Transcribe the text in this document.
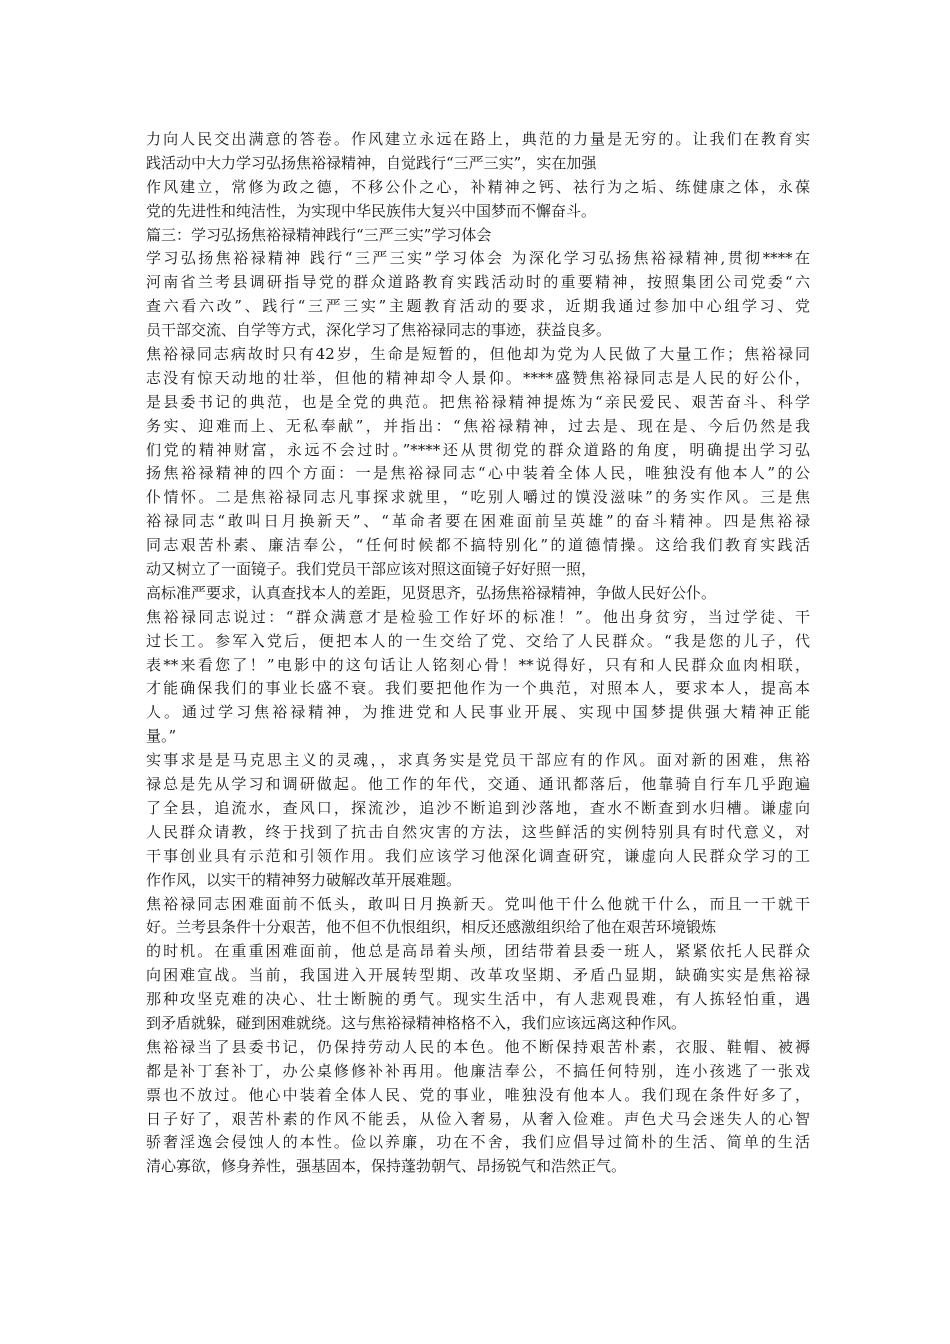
力向人民交出满意的答卷。作风建立永远在路上，典范的力量是无穷的。让我们在教育实
践活动中大力学习弘扬焦裕禄精神，自觉践行“三严三实”，实在加强
作风建立，常修为政之德，不移公仆之心，补精神之钙、祛行为之垢、练健康之体，永葆
党的先进性和纯洁性，为实现中华民族伟大复兴中国梦而不懈奋斗。
篇三：学习弘扬焦裕禄精神践行“三严三实”学习体会
学习弘扬焦裕禄精神 践行“三严三实”学习体会 为深化学习弘扬焦裕禄精神,贯彻****在
河南省兰考县调研指导党的群众道路教育实践活动时的重要精神，按照集团公司党委“六
查六看六改”、践行“三严三实”主题教育活动的要求，近期我通过参加中心组学习、党
员干部交流、自学等方式，深化学习了焦裕禄同志的事迹，获益良多。
焦裕禄同志病故时只有42岁，生命是短暂的，但他却为党为人民做了大量工作；焦裕禄同
志没有惊天动地的壮举，但他的精神却令人景仰。****盛赞焦裕禄同志是人民的好公仆，
是县委书记的典范，也是全党的典范。把焦裕禄精神提炼为“亲民爱民、艰苦奋斗、科学
务实、迎难而上、无私奉献”，并指出：“焦裕禄精神，过去是、现在是、今后仍然是我
们党的精神财富，永远不会过时。”****还从贯彻党的群众道路的角度，明确提出学习弘
扬焦裕禄精神的四个方面：一是焦裕禄同志“心中装着全体人民，唯独没有他本人”的公
仆情怀。二是焦裕禄同志凡事探求就里，“吃别人嚼过的馍没滋味”的务实作风。三是焦
裕禄同志“敢叫日月换新天”、“革命者要在困难面前呈英雄”的奋斗精神。四是焦裕禄
同志艰苦朴素、廉洁奉公，“任何时候都不搞特别化”的道德情操。这给我们教育实践活
动又树立了一面镜子。我们党员干部应该对照这面镜子好好照一照，
高标准严要求，认真查找本人的差距，见贤思齐，弘扬焦裕禄精神，争做人民好公仆。
焦裕禄同志说过：“群众满意才是检验工作好坏的标准！”。他出身贫穷，当过学徒、干
过长工。参军入党后，便把本人的一生交给了党、交给了人民群众。“我是您的儿子，代
表**来看您了！”电影中的这句话让人铭刻心骨！**说得好，只有和人民群众血肉相联，
才能确保我们的事业长盛不衰。我们要把他作为一个典范，对照本人，要求本人，提高本
人。通过学习焦裕禄精神，为推进党和人民事业开展、实现中国梦提供强大精神正能
量。”
实事求是是马克思主义的灵魂，，求真务实是党员干部应有的作风。面对新的困难，焦裕
禄总是先从学习和调研做起。他工作的年代，交通、通讯都落后，他靠骑自行车几乎跑遍
了全县，追流水，查风口，探流沙，追沙不断追到沙落地，查水不断查到水归槽。谦虚向
人民群众请教，终于找到了抗击自然灾害的方法，这些鲜活的实例特别具有时代意义，对
干事创业具有示范和引领作用。我们应该学习他深化调查研究，谦虚向人民群众学习的工
作作风，以实干的精神努力破解改革开展难题。
焦裕禄同志困难面前不低头，敢叫日月换新天。党叫他干什么他就干什么，而且一干就干
好。兰考县条件十分艰苦，他不但不仇恨组织，相反还感激组织给了他在艰苦环境锻炼
的时机。在重重困难面前，他总是高昂着头颅，团结带着县委一班人，紧紧依托人民群众
向困难宣战。当前，我国进入开展转型期、改革攻坚期、矛盾凸显期，缺确实实是焦裕禄
那种攻坚克难的决心、壮士断腕的勇气。现实生活中，有人悲观畏难，有人拣轻怕重，遇
到矛盾就躲，碰到困难就绕。这与焦裕禄精神格格不入，我们应该远离这种作风。
焦裕禄当了县委书记，仍保持劳动人民的本色。他不断保持艰苦朴素，衣服、鞋帽、被褥
都是补丁套补丁，办公桌修修补补再用。他廉洁奉公，不搞任何特别，连小孩逃了一张戏
票也不放过。他心中装着全体人民、党的事业，唯独没有他本人。我们现在条件好多了，
日子好了，艰苦朴素的作风不能丢，从俭入奢易，从奢入俭难。声色犬马会迷失人的心智
骄奢淫逸会侵蚀人的本性。俭以养廉，功在不舍，我们应倡导过简朴的生活、简单的生活
清心寡欲，修身养性，强基固本，保持蓬勃朝气、昂扬锐气和浩然正气。
